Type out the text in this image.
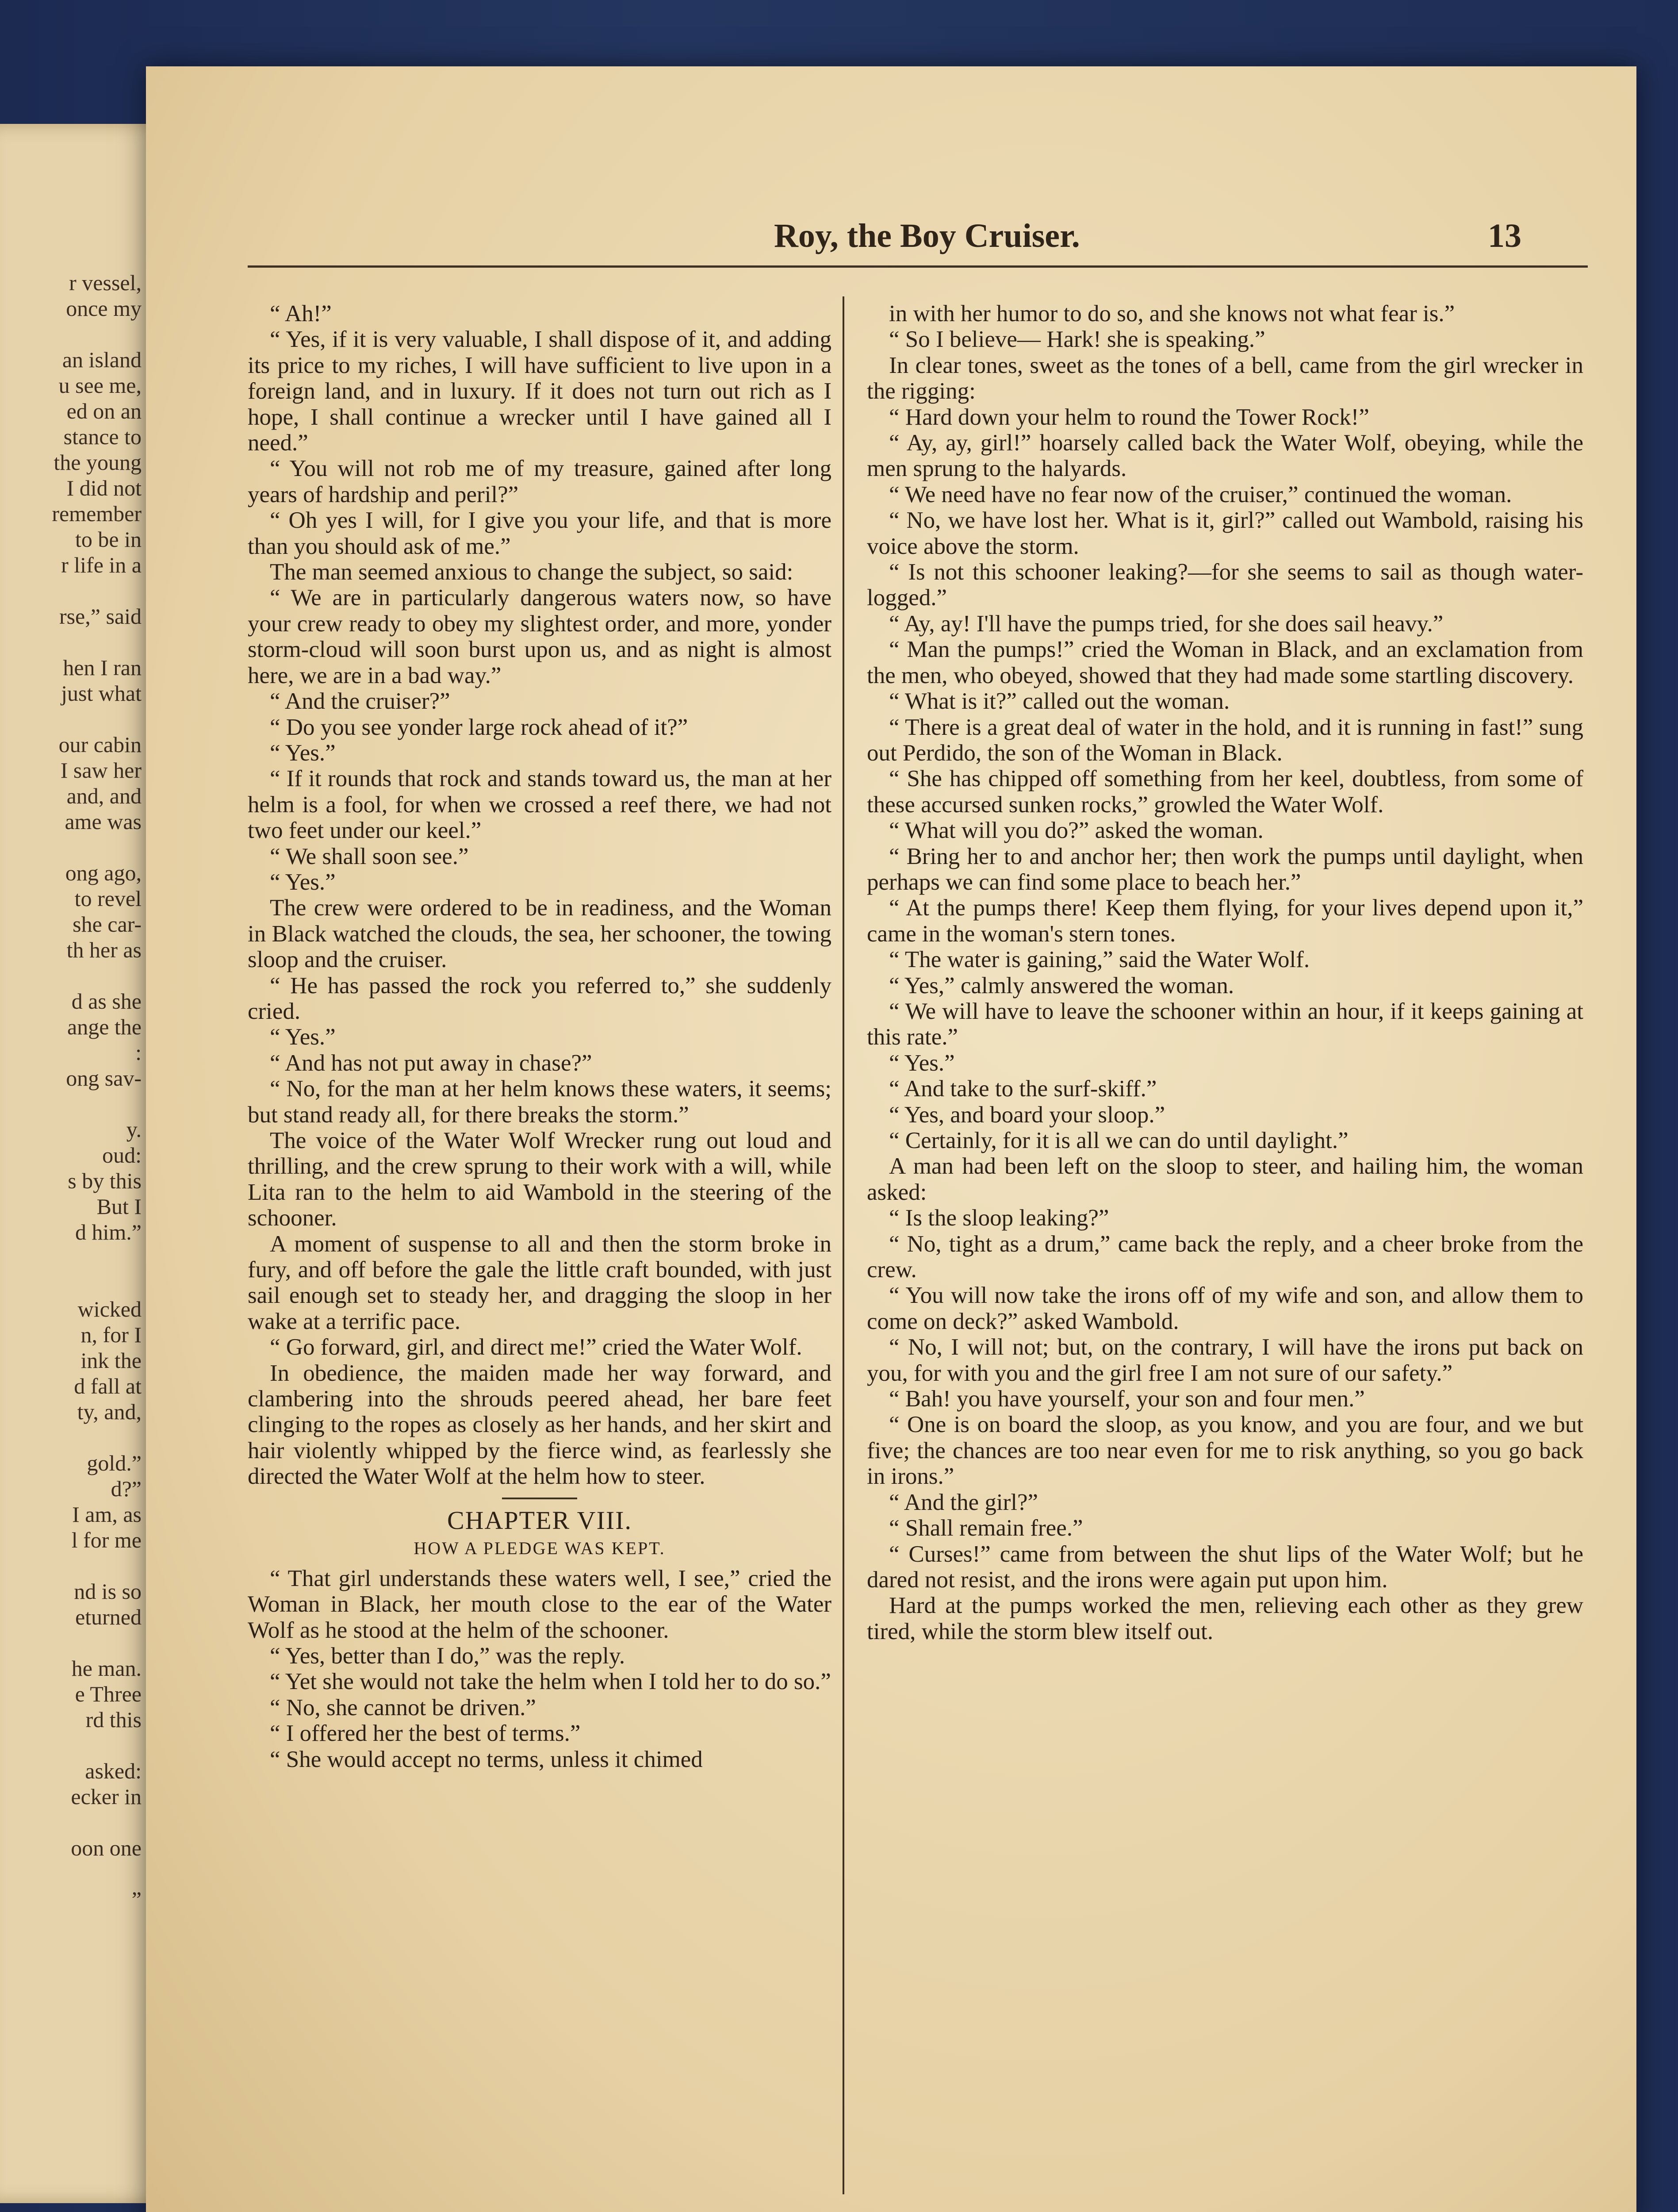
r vessel,
once my
an island
u see me,
ed on an
stance to
the young
I did not
remember
to be in
r life in a
rse,” said
hen I ran
just what
our cabin
I saw her
and, and
ame was
ong ago,
to revel
she car-
th her as
d as she
ange the
:
ong sav-
y.
oud:
s by this
But I
d him.”
wicked
n, for I
ink the
d fall at
ty, and,
gold.”
d?”
I am, as
l for me
nd is so
eturned
he man.
e Three
rd this
asked:
ecker in
oon one
”
Roy, the Boy Cruiser.	13

“ Ah!”

“ Yes, if it is very valuable, I shall dispose of it, and adding its price to my riches, I will have sufficient to live upon in a foreign land, and in luxury. If it does not turn out rich as I hope, I shall continue a wrecker until I have gained all I need.”

“ You will not rob me of my treasure, gained after long years of hardship and peril?”

“ Oh yes I will, for I give you your life, and that is more than you should ask of me.”

The man seemed anxious to change the subject, so said:

“ We are in particularly dangerous waters now, so have your crew ready to obey my slightest order, and more, yonder storm-cloud will soon burst upon us, and as night is almost here, we are in a bad way.”

“ And the cruiser?”

“ Do you see yonder large rock ahead of it?”

“ Yes.”

“ If it rounds that rock and stands toward us, the man at her helm is a fool, for when we crossed a reef there, we had not two feet under our keel.”

“ We shall soon see.”

“ Yes.”

The crew were ordered to be in readiness, and the Woman in Black watched the clouds, the sea, her schooner, the towing sloop and the cruiser.

“ He has passed the rock you referred to,” she suddenly cried.

“ Yes.”

“ And has not put away in chase?”

“ No, for the man at her helm knows these waters, it seems; but stand ready all, for there breaks the storm.”

The voice of the Water Wolf Wrecker rung out loud and thrilling, and the crew sprung to their work with a will, while Lita ran to the helm to aid Wambold in the steering of the schooner.

A moment of suspense to all and then the storm broke in fury, and off before the gale the little craft bounded, with just sail enough set to steady her, and dragging the sloop in her wake at a terrific pace.

“ Go forward, girl, and direct me!” cried the Water Wolf.

In obedience, the maiden made her way forward, and clambering into the shrouds peered ahead, her bare feet clinging to the ropes as closely as her hands, and her skirt and hair violently whipped by the fierce wind, as fearlessly she directed the Water Wolf at the helm how to steer.

CHAPTER VIII.
HOW A PLEDGE WAS KEPT.

“ That girl understands these waters well, I see,” cried the Woman in Black, her mouth close to the ear of the Water Wolf as he stood at the helm of the schooner.

“ Yes, better than I do,” was the reply.

“ Yet she would not take the helm when I told her to do so.”

“ No, she cannot be driven.”

“ I offered her the best of terms.”

“ She would accept no terms, unless it chimed

in with her humor to do so, and she knows not what fear is.”

“ So I believe— Hark! she is speaking.”

In clear tones, sweet as the tones of a bell, came from the girl wrecker in the rigging:

“ Hard down your helm to round the Tower Rock!”

“ Ay, ay, girl!” hoarsely called back the Water Wolf, obeying, while the men sprung to the halyards.

“ We need have no fear now of the cruiser,” continued the woman.

“ No, we have lost her. What is it, girl?” called out Wambold, raising his voice above the storm.

“ Is not this schooner leaking?—for she seems to sail as though water-logged.”

“ Ay, ay! I'll have the pumps tried, for she does sail heavy.”

“ Man the pumps!” cried the Woman in Black, and an exclamation from the men, who obeyed, showed that they had made some startling discovery.

“ What is it?” called out the woman.

“ There is a great deal of water in the hold, and it is running in fast!” sung out Perdido, the son of the Woman in Black.

“ She has chipped off something from her keel, doubtless, from some of these accursed sunken rocks,” growled the Water Wolf.

“ What will you do?” asked the woman.

“ Bring her to and anchor her; then work the pumps until daylight, when perhaps we can find some place to beach her.”

“ At the pumps there! Keep them flying, for your lives depend upon it,” came in the woman's stern tones.

“ The water is gaining,” said the Water Wolf.

“ Yes,” calmly answered the woman.

“ We will have to leave the schooner within an hour, if it keeps gaining at this rate.”

“ Yes.”

“ And take to the surf-skiff.”

“ Yes, and board your sloop.”

“ Certainly, for it is all we can do until daylight.”

A man had been left on the sloop to steer, and hailing him, the woman asked:

“ Is the sloop leaking?”

“ No, tight as a drum,” came back the reply, and a cheer broke from the crew.

“ You will now take the irons off of my wife and son, and allow them to come on deck?” asked Wambold.

“ No, I will not; but, on the contrary, I will have the irons put back on you, for with you and the girl free I am not sure of our safety.”

“ Bah! you have yourself, your son and four men.”

“ One is on board the sloop, as you know, and you are four, and we but five; the chances are too near even for me to risk anything, so you go back in irons.”

“ And the girl?”

“ Shall remain free.”

“ Curses!” came from between the shut lips of the Water Wolf; but he dared not resist, and the irons were again put upon him.

Hard at the pumps worked the men, relieving each other as they grew tired, while the storm blew itself out.
